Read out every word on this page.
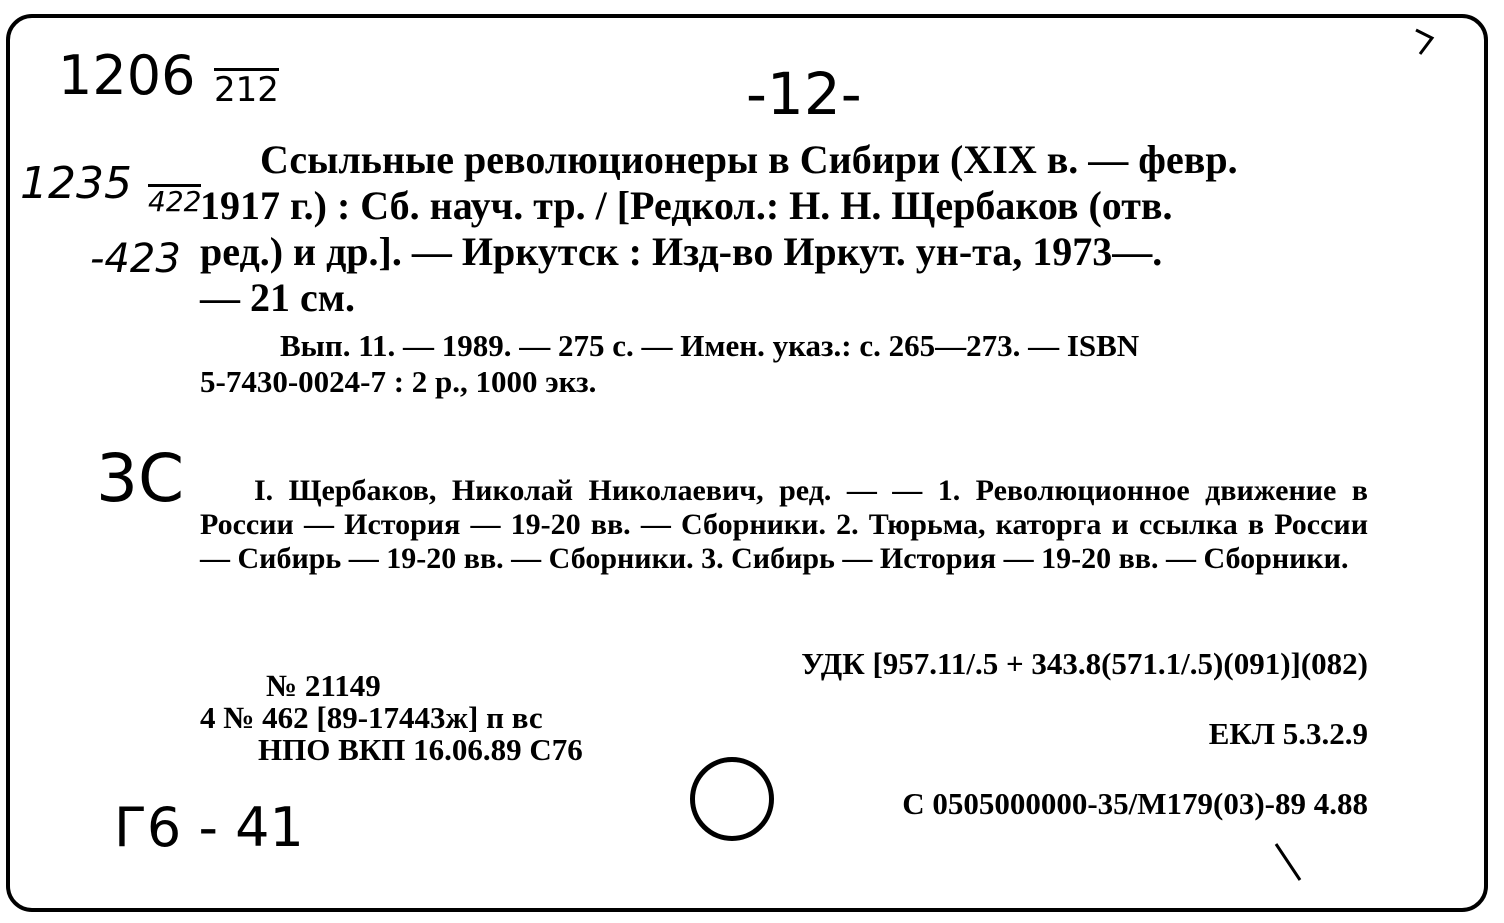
1206 212	-12-
1235 422
-423
3C
Г6 - 41
Ссыльные революционеры в Сибири (XIX в. — февр.
1917 г.) : Сб. науч. тр. / [Редкол.: Н. Н. Щербаков (отв.
ред.) и др.]. — Иркутск : Изд-во Иркут. ун-та, 1973—.
— 21 см.
Вып. 11. — 1989. — 275 с. — Имен. указ.: с. 265—273. — ISBN
5-7430-0024-7 : 2 р., 1000 экз.
I. Щербаков, Николай Николаевич, ред. — — 1. Революционное движение в России — История — 19-20 вв. — Сборники. 2. Тюрьма, каторга и ссылка в России — Сибирь — 19-20 вв. — Сборники. 3. Сибирь — История — 19-20 вв. — Сборники.
УДК [957.11/.5 + 343.8(571.1/.5)(091)](082)
№ 21149
4 № 462 [89-17443ж] п вс
НПО ВКП 16.06.89 С76	ЕКЛ 5.3.2.9
С 0505000000-35/М179(03)-89 4.88
